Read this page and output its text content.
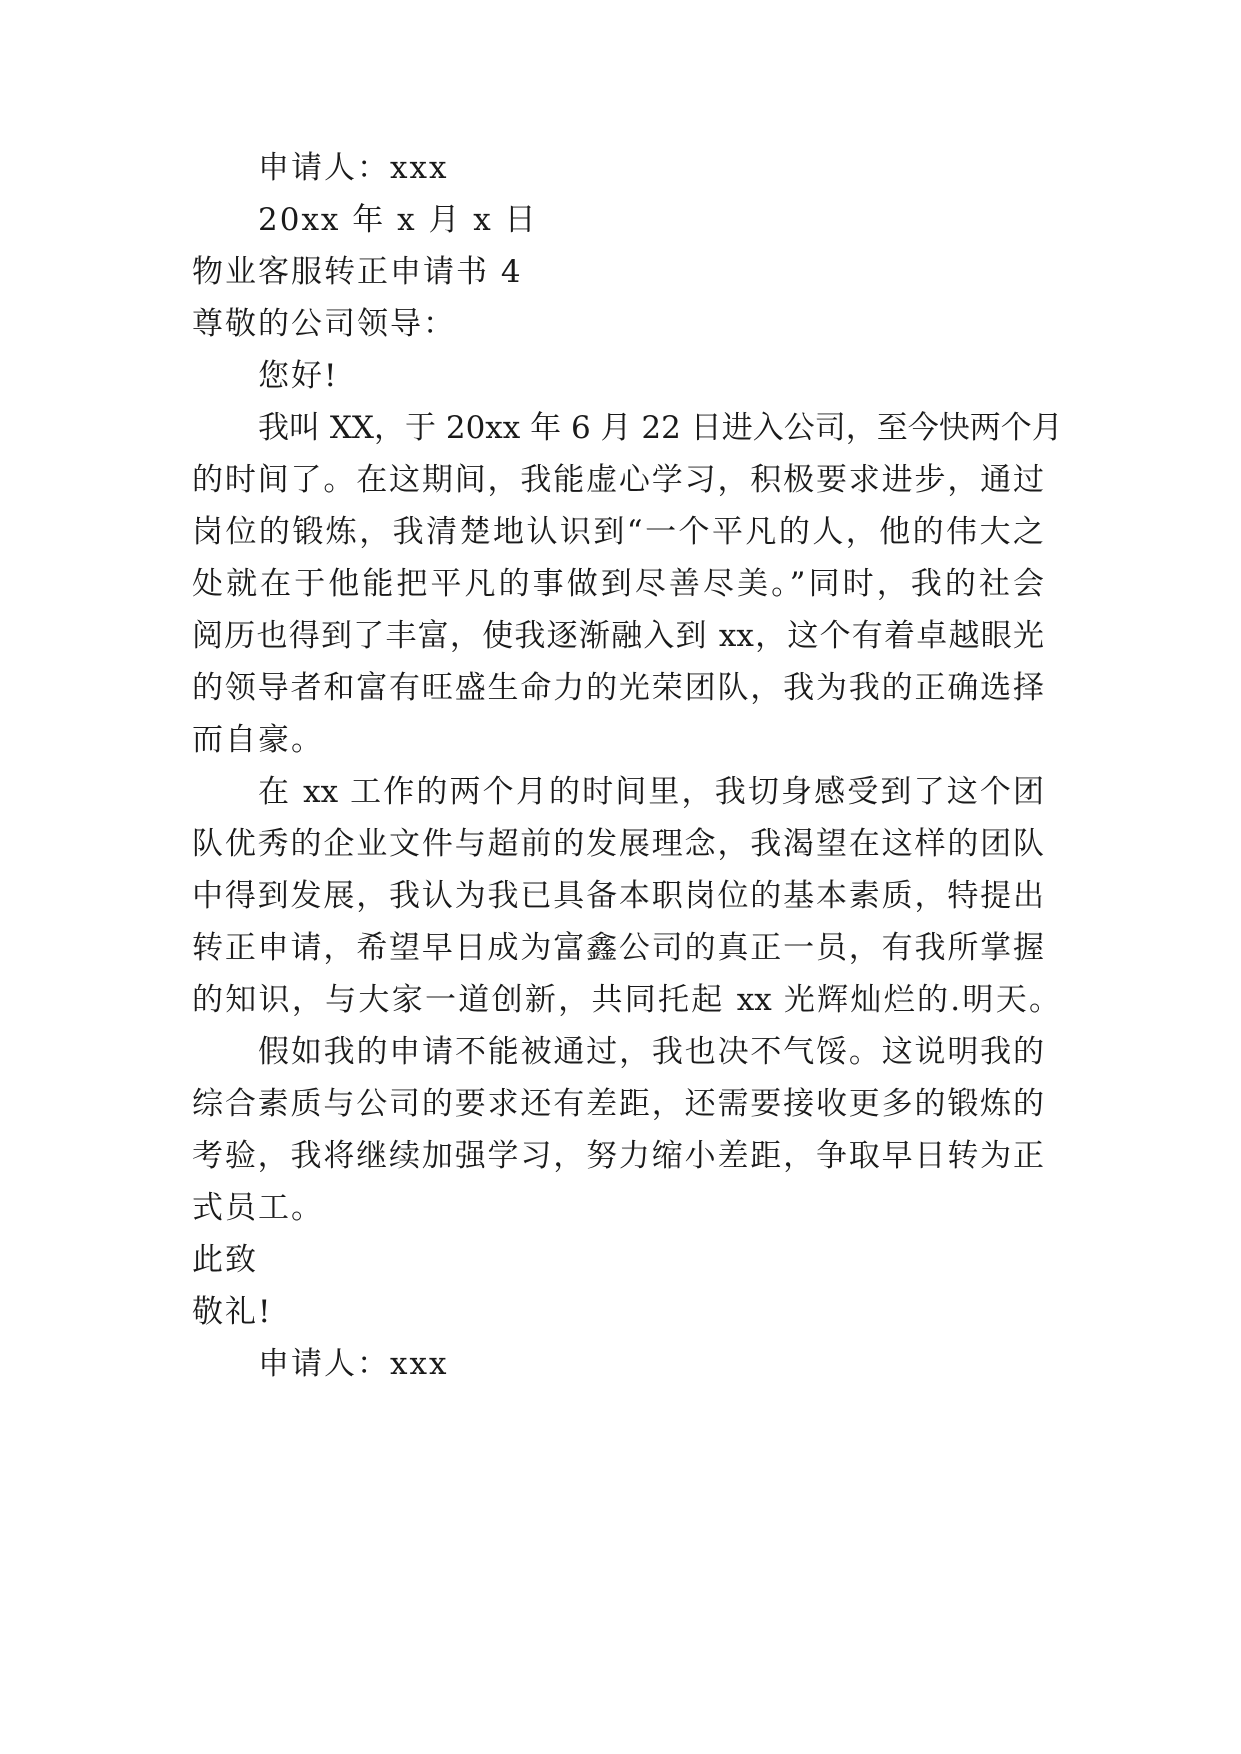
申请人：xxx
20xx 年 x 月 x 日
物业客服转正申请书 4
尊敬的公司领导：
您好!
我叫 XX，于 20xx 年 6 月 22 日进入公司，至今快两个月
的时间了。在这期间，我能虚心学习，积极要求进步，通过
岗位的锻炼，我清楚地认识到“一个平凡的人，他的伟大之
处就在于他能把平凡的事做到尽善尽美。”同时，我的社会
阅历也得到了丰富，使我逐渐融入到 xx，这个有着卓越眼光
的领导者和富有旺盛生命力的光荣团队，我为我的正确选择
而自豪。
在 xx 工作的两个月的时间里，我切身感受到了这个团
队优秀的企业文件与超前的发展理念，我渴望在这样的团队
中得到发展，我认为我已具备本职岗位的基本素质，特提出
转正申请，希望早日成为富鑫公司的真正一员，有我所掌握
的知识，与大家一道创新，共同托起 xx 光辉灿烂的.明天。
假如我的申请不能被通过，我也决不气馁。这说明我的
综合素质与公司的要求还有差距，还需要接收更多的锻炼的
考验，我将继续加强学习，努力缩小差距，争取早日转为正
式员工。
此致
敬礼!
申请人：xxx
